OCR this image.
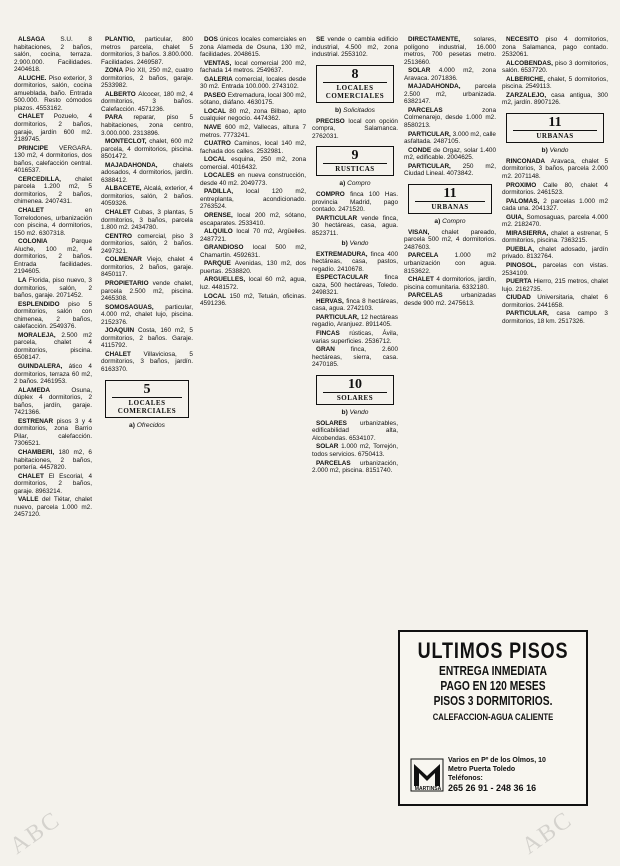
ALSAGA S.U. 8 habitaciones, 2 baños, salón, cocina, terraza. 2.900.000. Facilidades. 2404618.

ALUCHE. Piso exterior, 3 dormitorios, salón, cocina amueblada, baño. Entrada 500.000. Resto cómodos plazos. 4553162.

CHALET Pozuelo, 4 dormitorios, 2 baños, garaje, jardín 600 m2. 2189745.

PRINCIPE VERGARA. 130 m2, 4 dormitorios, dos baños, calefacción central. 4016537.

CERCEDILLA, chalet parcela 1.200 m2, 5 dormitorios, 2 baños, chimenea. 2407431.

CHALET en Torrelodones, urbanización con piscina, 4 dormitorios, 150 m2. 6307318.

COLONIA Parque Aluche, 100 m2, 4 dormitorios, 2 baños. Entrada facilidades. 2194605.

LA Florida, piso nuevo, 3 dormitorios, salón, 2 baños, garaje. 2071452.

ESPLENDIDO piso 5 dormitorios, salón con chimenea, 2 baños, calefacción. 2549376.

MORALEJA, 2.500 m2 parcela, chalet 4 dormitorios, piscina. 6508147.

GUINDALERA, ático 4 dormitorios, terraza 60 m2, 2 baños. 2461953.

ALAMEDA Osuna, dúplex 4 dormitorios, 2 baños, jardín, garaje. 7421366.

ESTRENAR pisos 3 y 4 dormitorios, zona Barrio Pilar, calefacción. 7306521.

CHAMBERI, 180 m2, 6 habitaciones, 2 baños, portería. 4457820.

CHALET El Escorial, 4 dormitorios, 2 baños, garaje. 8963214.

VALLE del Tiétar, chalet nuevo, parcela 1.000 m2. 2457120.

PLANTIO, particular, 800 metros parcela, chalet 5 dormitorios, 3 baños. 3.800.000. Facilidades. 2469587.

ZONA Pío XII, 250 m2, cuatro dormitorios, 2 baños, garaje. 2533982.

ALBERTO Alcocer, 180 m2, 4 dormitorios, 3 baños. Calefacción. 4571236.

PARA reparar, piso 5 habitaciones, zona centro, 3.000.000. 2313896.

MONTECLOT, chalet, 600 m2 parcela, 4 dormitorios, piscina. 8501472.

MAJADAHONDA, chalets adosados, 4 dormitorios, jardín. 6388412.

ALBACETE, Alcalá, exterior, 4 dormitorios, salón, 2 baños. 4059326.

CHALET Cubas, 3 plantas, 5 dormitorios, 3 baños, parcela 1.800 m2. 2434780.

CENTRO comercial, piso 3 dormitorios, salón, 2 baños. 2497321.

COLMENAR Viejo, chalet 4 dormitorios, 2 baños, garaje. 8450117.

PROPIETARIO vende chalet, parcela 2.500 m2, piscina. 2465308.

SOMOSAGUAS, particular, 4.000 m2, chalet lujo, piscina. 2152376.

JOAQUIN Costa, 160 m2, 5 dormitorios, 2 baños. Garaje. 4115792.

CHALET Villaviciosa, 5 dormitorios, 3 baños, jardín. 6163370.

5
LOCALES COMERCIALES
a) Ofrecidos

DOS únicos locales comerciales en zona Alameda de Osuna, 130 m2, facilidades. 2048615.

VENTAS, local comercial 200 m2, fachada 14 metros. 2549637.

GALERIA comercial, locales desde 30 m2. Entrada 100.000. 2743102.

PASEO Extremadura, local 300 m2, sótano, diáfano. 4630175.

LOCAL 80 m2, zona Bilbao, apto cualquier negocio. 4474362.

NAVE 600 m2, Vallecas, altura 7 metros. 7773241.

CUATRO Caminos, local 140 m2, fachada dos calles. 2532981.

LOCAL esquina, 250 m2, zona comercial. 4016432.

LOCALES en nueva construcción, desde 40 m2. 2049773.

PADILLA, local 120 m2, entreplanta, acondicionado. 2763524.

ORENSE, local 200 m2, sótano, escaparates. 2533410.

ALQUILO local 70 m2, Argüelles. 2487721.

GRANDIOSO local 500 m2, Chamartín. 4592631.

PARQUE Avenidas, 130 m2, dos puertas. 2538820.

ARGUELLES, local 60 m2, agua, luz. 4481572.

LOCAL 150 m2, Tetuán, oficinas. 4591236.

SE vende o cambia edificio industrial, 4.500 m2, zona industrial. 2553102.

8
LOCALES COMERCIALES
b) Solicitados

PRECISO local con opción compra, Salamanca. 2762031.

9
RUSTICAS
a) Compro

COMPRO finca 100 Has. provincia Madrid, pago contado. 2471520.

PARTICULAR vende finca, 30 hectáreas, casa, agua. 8523711.

b) Vendo

EXTREMADURA, finca 400 hectáreas, casa, pastos, regadío. 2410678.

ESPECTACULAR finca caza, 500 hectáreas, Toledo. 2498321.

HERVAS, finca 8 hectáreas, casa, agua. 2742103.

PARTICULAR, 12 hectáreas regadío, Aranjuez. 8911405.

FINCAS rústicas, Ávila, varias superficies. 2536712.

GRAN finca, 2.600 hectáreas, sierra, casa. 2470185.

10
SOLARES
b) Vendo

SOLARES urbanizables, edificabilidad alta, Alcobendas. 6534107.

SOLAR 1.000 m2, Torrejón, todos servicios. 6750413.

PARCELAS urbanización, 2.000 m2, piscina. 8151740.

DIRECTAMENTE, solares, polígono industrial, 16.000 metros, 700 pesetas metro. 2513660.

SOLAR 4.000 m2, zona Aravaca. 2071836.

MAJADAHONDA, parcela 2.500 m2, urbanizada. 6382147.

PARCELAS zona Colmenarejo, desde 1.000 m2. 8580213.

PARTICULAR, 3.000 m2, calle asfaltada. 2487105.

CONDE de Orgaz, solar 1.400 m2, edificable. 2004625.

PARTICULAR, 250 m2, Ciudad Lineal. 4073842.

11
URBANAS
a) Compro

VISAN, chalet pareado, parcela 500 m2, 4 dormitorios. 2487603.

PARCELA 1.000 m2 urbanización con agua. 8153622.

CHALET 4 dormitorios, jardín, piscina comunitaria. 6332180.

PARCELAS urbanizadas desde 900 m2. 2475613.

NECESITO piso 4 dormitorios, zona Salamanca, pago contado. 2532061.

ALCOBENDAS, piso 3 dormitorios, salón. 6537720.

ALBERICHE, chalet, 5 dormitorios, piscina. 2549113.

ZARZALEJO, casa antigua, 300 m2, jardín. 8907126.

11
URBANAS
b) Vendo

RINCONADA Aravaca, chalet 5 dormitorios, 3 baños, parcela 2.000 m2. 2071148.

PROXIMO Calle 80, chalet 4 dormitorios. 2461523.

PALOMAS, 2 parcelas 1.000 m2 cada una. 2041327.

GUIA, Somosaguas, parcela 4.000 m2. 2182470.

MIRASIERRA, chalet a estrenar, 5 dormitorios, piscina. 7363215.

PUEBLA, chalet adosado, jardín privado. 8132764.

PINOSOL, parcelas con vistas. 2534109.

PUERTA Hierro, 215 metros, chalet lujo. 2162735.

CIUDAD Universitaria, chalet 6 dormitorios. 2441658.

PARTICULAR, casa campo 3 dormitorios, 18 km. 2517326.

ULTIMOS PISOS
ENTREGA INMEDIATA
PAGO EN 120 MESES
PISOS 3 DORMITORIOS.
CALEFACCION-AGUA CALIENTE
MARTINSA
Varios en Pº de los Olmos, 10
Metro Puerta Toledo
Teléfonos:
265 26 91 - 248 36 16
ABC	ABC
